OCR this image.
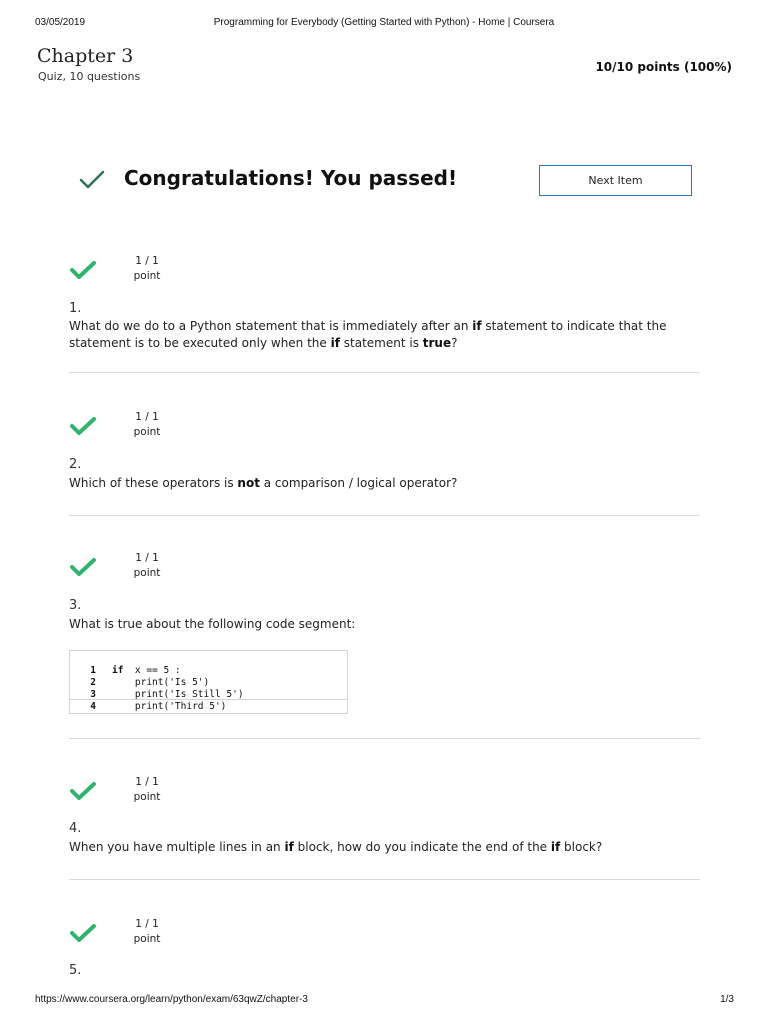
03/05/2019	Programming for Everybody (Getting Started with Python) - Home | Coursera
Chapter 3
Quiz, 10 questions
10/10 points (100%)
Congratulations! You passed!	Next Item
1 / 1
point
1.
What do we do to a Python statement that is immediately after an if statement to indicate that the statement is to be executed only when the if statement is true?
1 / 1
point
2.
Which of these operators is not a comparison / logical operator?
1 / 1
point
3.
What is true about the following code segment:

1 if  x == 5 :

2 print('Is 5')

3 print('Is Still 5')

4 print('Third 5')

1 / 1
point
4.
When you have multiple lines in an if block, how do you indicate the end of the if block?
1 / 1
point
5.
https://www.coursera.org/learn/python/exam/63qwZ/chapter-3	1/3
